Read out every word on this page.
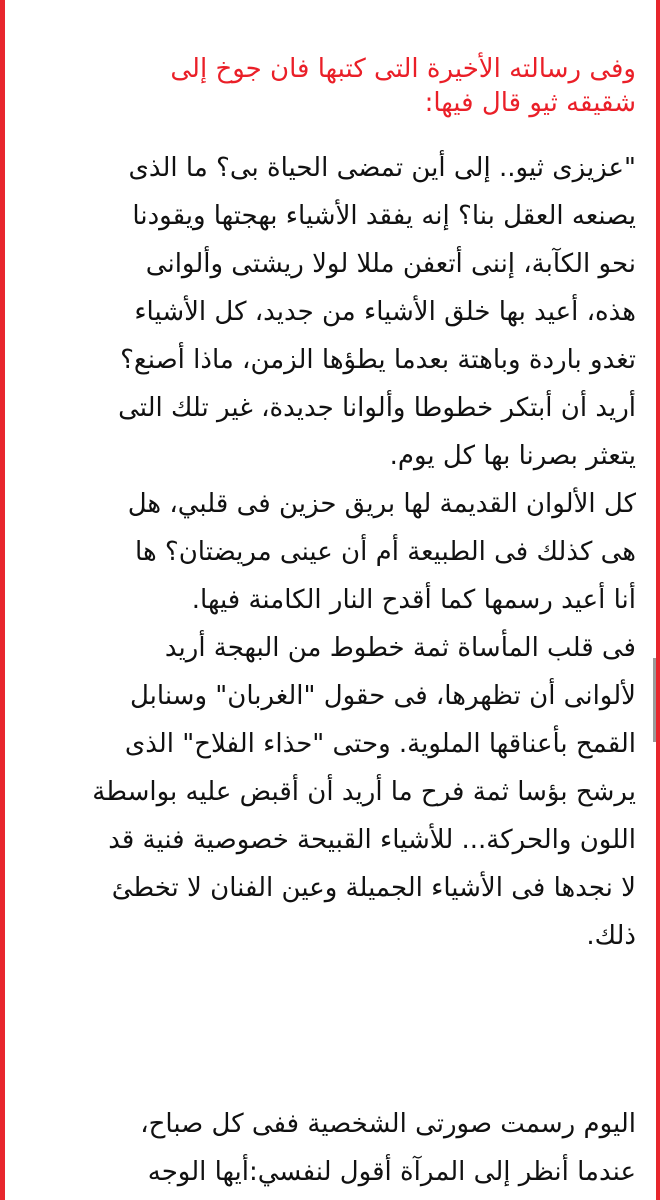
وفى رسالته الأخيرة التى كتبها فان جوخ إلى
شقيقه ثيو قال فيها:
"عزيزى ثيو.. إلى أين تمضى الحياة بى؟ ما الذى
يصنعه العقل بنا؟ إنه يفقد الأشياء بهجتها ويقودنا
نحو الكآبة، إننى أتعفن مللا لولا ريشتى وألوانى
هذه، أعيد بها خلق الأشياء من جديد، كل الأشياء
تغدو باردة وباهتة بعدما يطؤها الزمن، ماذا أصنع؟
أريد أن أبتكر خطوطا وألوانا جديدة، غير تلك التى
يتعثر بصرنا بها كل يوم.
كل الألوان القديمة لها بريق حزين فى قلبي، هل
هى كذلك فى الطبيعة أم أن عينى مريضتان؟ ها
أنا أعيد رسمها كما أقدح النار الكامنة فيها.
فى قلب المأساة ثمة خطوط من البهجة أريد
لألوانى أن تظهرها، فى حقول "الغربان" وسنابل
القمح بأعناقها الملوية. وحتى "حذاء الفلاح" الذى
يرشح بؤسا ثمة فرح ما أريد أن أقبض عليه بواسطة
اللون والحركة... للأشياء القبيحة خصوصية فنية قد
لا نجدها فى الأشياء الجميلة وعين الفنان لا تخطئ
ذلك.
اليوم رسمت صورتى الشخصية ففى كل صباح،
عندما أنظر إلى المرآة أقول لنفسي:أيها الوجه
